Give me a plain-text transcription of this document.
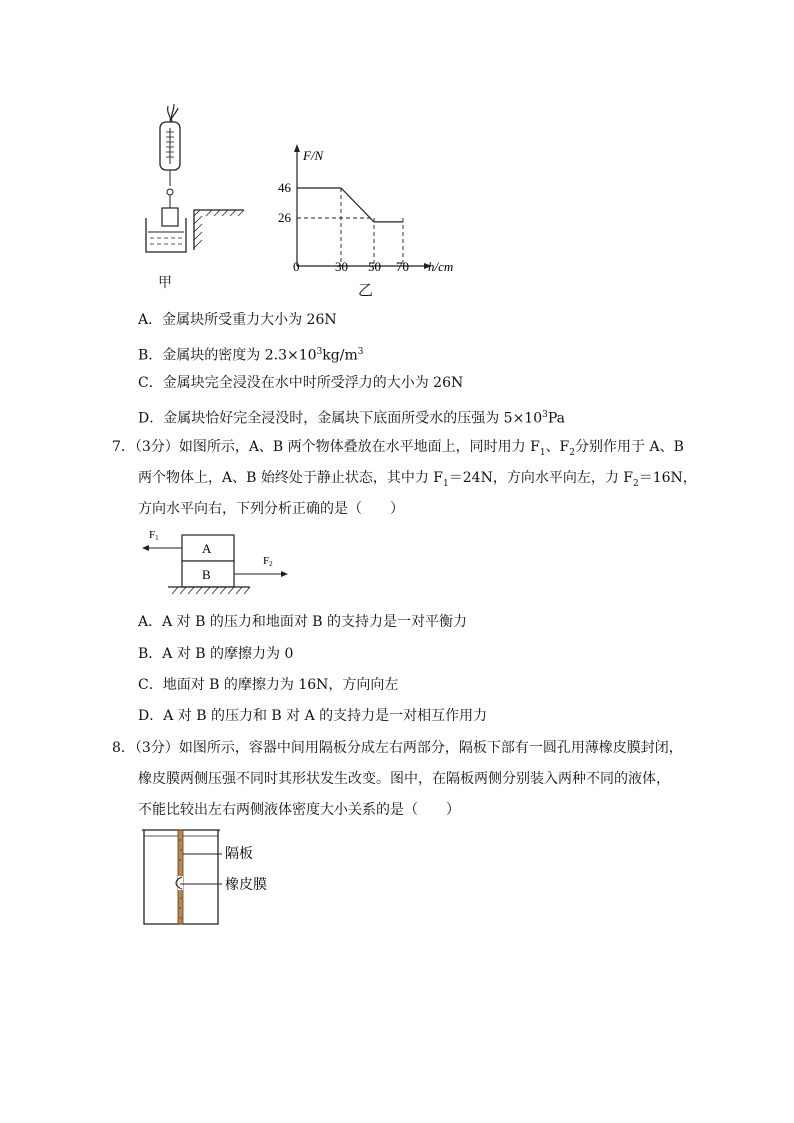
甲
F/N
h/cm
46
26
0	30 50 70
乙
A．金属块所受重力大小为 26N
B．金属块的密度为 $2.3\times 10^3kg/m^3$
C．金属块完全浸没在水中时所受浮力的大小为 26N
D．金属块恰好完全浸没时，金属块下底面所受水的压强为 $5\times 10^3Pa$
7．（3分）如图所示，A、B 两个物体叠放在水平地面上，同时用力 $F_1$、$F_2$分别作用于 A、B
两个物体上，A、B 始终处于静止状态，其中力 $F_1=24N$，方向水平向左，力 $F_2=16N$，
方向水平向右，下列分析正确的是（　　）
A
B
F1
F2
A．A 对 B 的压力和地面对 B 的支持力是一对平衡力
B．A 对 B 的摩擦力为 0
C．地面对 B 的摩擦力为 16N，方向向左
D．A 对 B 的压力和 B 对 A 的支持力是一对相互作用力
8．（3分）如图所示，容器中间用隔板分成左右两部分，隔板下部有一圆孔用薄橡皮膜封闭，
橡皮膜两侧压强不同时其形状发生改变。图中，在隔板两侧分别装入两种不同的液体，
不能比较出左右两侧液体密度大小关系的是（　　）
隔板
橡皮膜
